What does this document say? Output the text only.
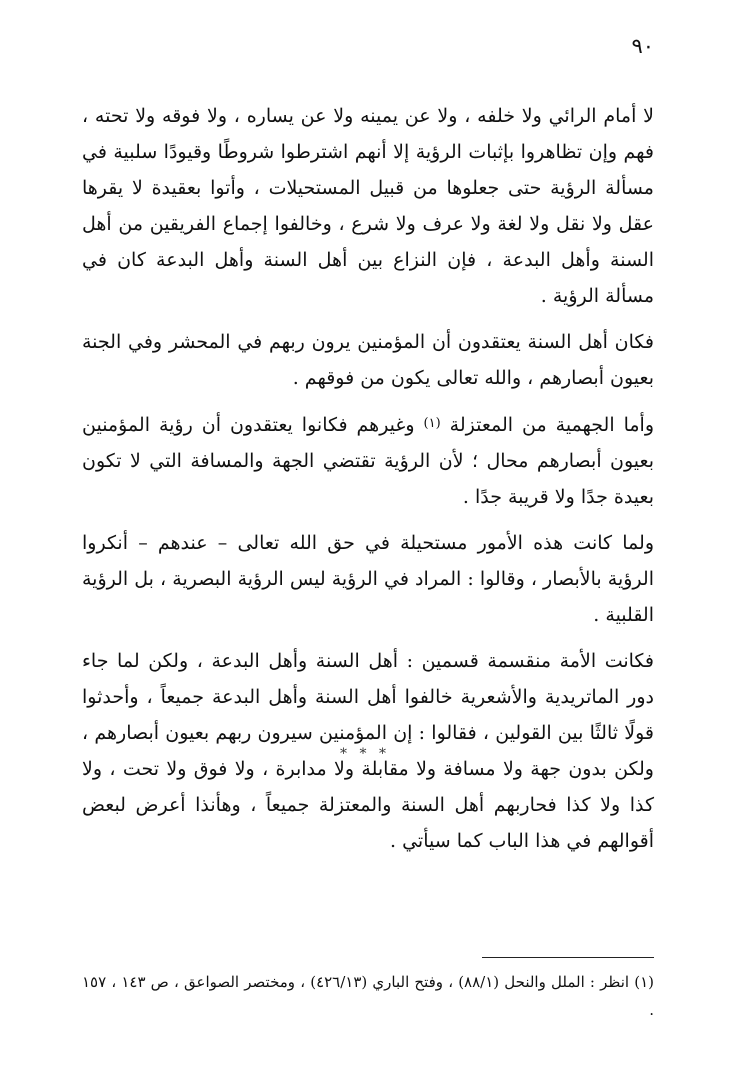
٩٠

لا أمام الرائي ولا خلفه ، ولا عن يمينه ولا عن يساره ، ولا فوقه ولا تحته ، فهم وإن تظاهروا بإثبات الرؤية إلا أنهم اشترطوا شروطًا وقيودًا سلبية في مسألة الرؤية حتى جعلوها من قبيل المستحيلات ، وأتوا بعقيدة لا يقرها عقل ولا نقل ولا لغة ولا عرف ولا شرع ، وخالفوا إجماع الفريقين من أهل السنة وأهل البدعة ، فإن النزاع بين أهل السنة وأهل البدعة كان في مسألة الرؤية .

فكان أهل السنة يعتقدون أن المؤمنين يرون ربهم في المحشر وفي الجنة بعيون أبصارهم ، والله تعالى يكون من فوقهم .

وأما الجهمية من المعتزلة $^{(١)}$ وغيرهم فكانوا يعتقدون أن رؤية المؤمنين بعيون أبصارهم محال ؛ لأن الرؤية تقتضي الجهة والمسافة التي لا تكون بعيدة جدًا ولا قريبة جدًا .

ولما كانت هذه الأمور مستحيلة في حق الله تعالى – عندهم – أنكروا الرؤية بالأبصار ، وقالوا : المراد في الرؤية ليس الرؤية البصرية ، بل الرؤية القلبية .

فكانت الأمة منقسمة قسمين : أهل السنة وأهل البدعة ، ولكن لما جاء دور الماتريدية والأشعرية خالفوا أهل السنة وأهل البدعة جميعاً ، وأحدثوا قولًا ثالثًا بين القولين ، فقالوا : إن المؤمنين سيرون ربهم بعيون أبصارهم ، ولكن بدون جهة ولا مسافة ولا مقابلة ولا مدابرة ، ولا فوق ولا تحت ، ولا كذا ولا كذا فحاربهم أهل السنة والمعتزلة جميعاً ، وهأنذا أعرض لبعض أقوالهم في هذا الباب كما سيأتي .

* * *
(١) انظر : الملل والنحل (٨٨/١) ، وفتح الباري (٤٢٦/١٣) ، ومختصر الصواعق ، ص ١٤٣ ، ١٥٧ .
